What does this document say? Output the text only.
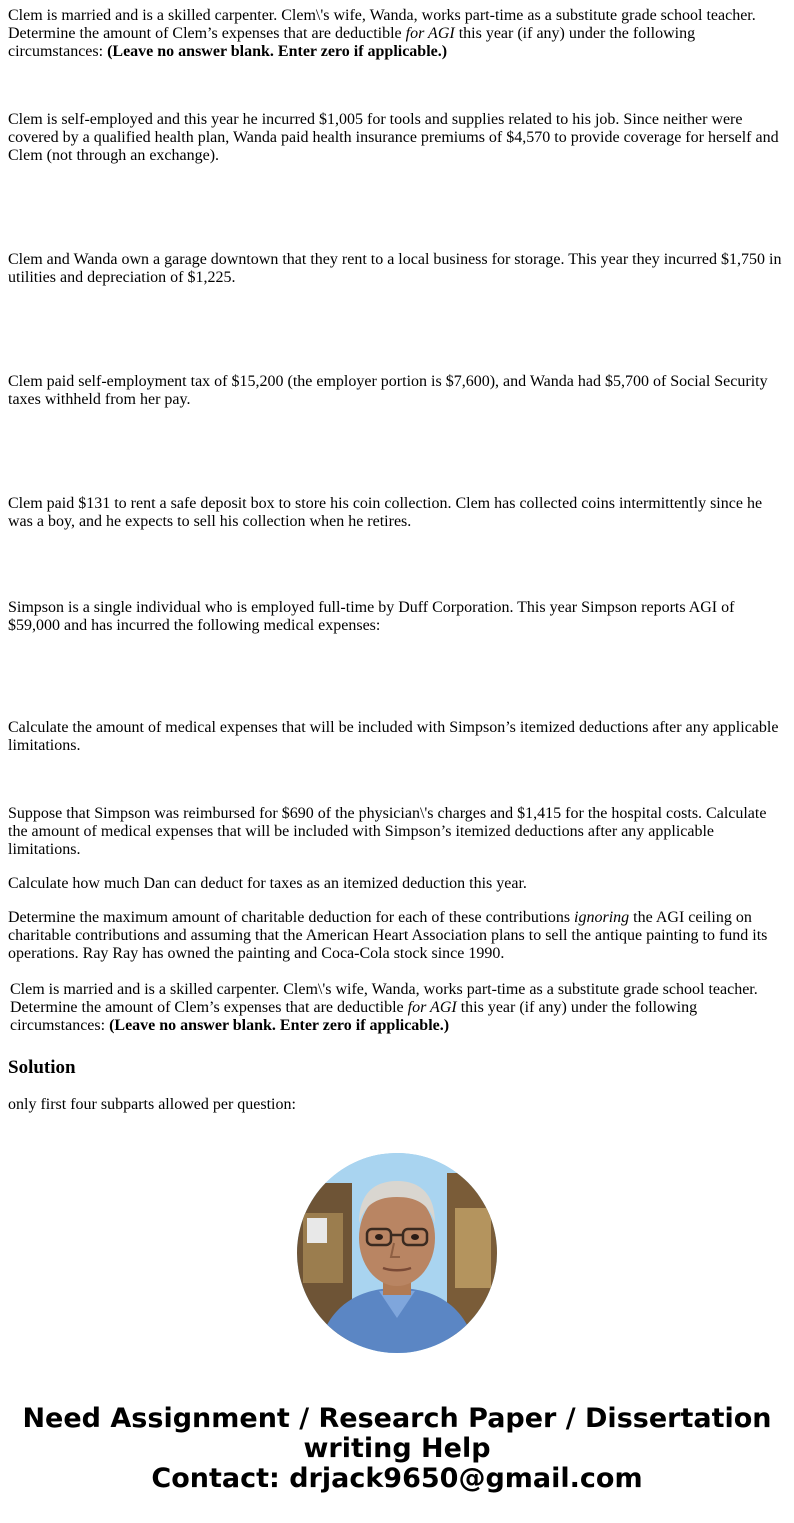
Clem is married and is a skilled carpenter. Clem\'s wife, Wanda, works part-time as a substitute grade school teacher. Determine the amount of Clem’s expenses that are deductible for AGI this year (if any) under the following circumstances: (Leave no answer blank. Enter zero if applicable.)

Clem is self-employed and this year he incurred $1,005 for tools and supplies related to his job. Since neither were covered by a qualified health plan, Wanda paid health insurance premiums of $4,570 to provide coverage for herself and Clem (not through an exchange).

Clem and Wanda own a garage downtown that they rent to a local business for storage. This year they incurred $1,750 in utilities and depreciation of $1,225.

Clem paid self-employment tax of $15,200 (the employer portion is $7,600), and Wanda had $5,700 of Social Security taxes withheld from her pay.

Clem paid $131 to rent a safe deposit box to store his coin collection. Clem has collected coins intermittently since he was a boy, and he expects to sell his collection when he retires.

Simpson is a single individual who is employed full-time by Duff Corporation. This year Simpson reports AGI of $59,000 and has incurred the following medical expenses:

Calculate the amount of medical expenses that will be included with Simpson’s itemized deductions after any applicable limitations.

Suppose that Simpson was reimbursed for $690 of the physician\'s charges and $1,415 for the hospital costs. Calculate the amount of medical expenses that will be included with Simpson’s itemized deductions after any applicable limitations.

Calculate how much Dan can deduct for taxes as an itemized deduction this year.

Determine the maximum amount of charitable deduction for each of these contributions ignoring the AGI ceiling on charitable contributions and assuming that the American Heart Association plans to sell the antique painting to fund its operations. Ray Ray has owned the painting and Coca-Cola stock since 1990.

Clem is married and is a skilled carpenter. Clem\'s wife, Wanda, works part-time as a substitute grade school teacher. Determine the amount of Clem’s expenses that are deductible for AGI this year (if any) under the following circumstances: (Leave no answer blank. Enter zero if applicable.)

Solution

only first four subparts allowed per question:

Need Assignment / Research Paper / Dissertation
writing Help
Contact: drjack9650@gmail.com
